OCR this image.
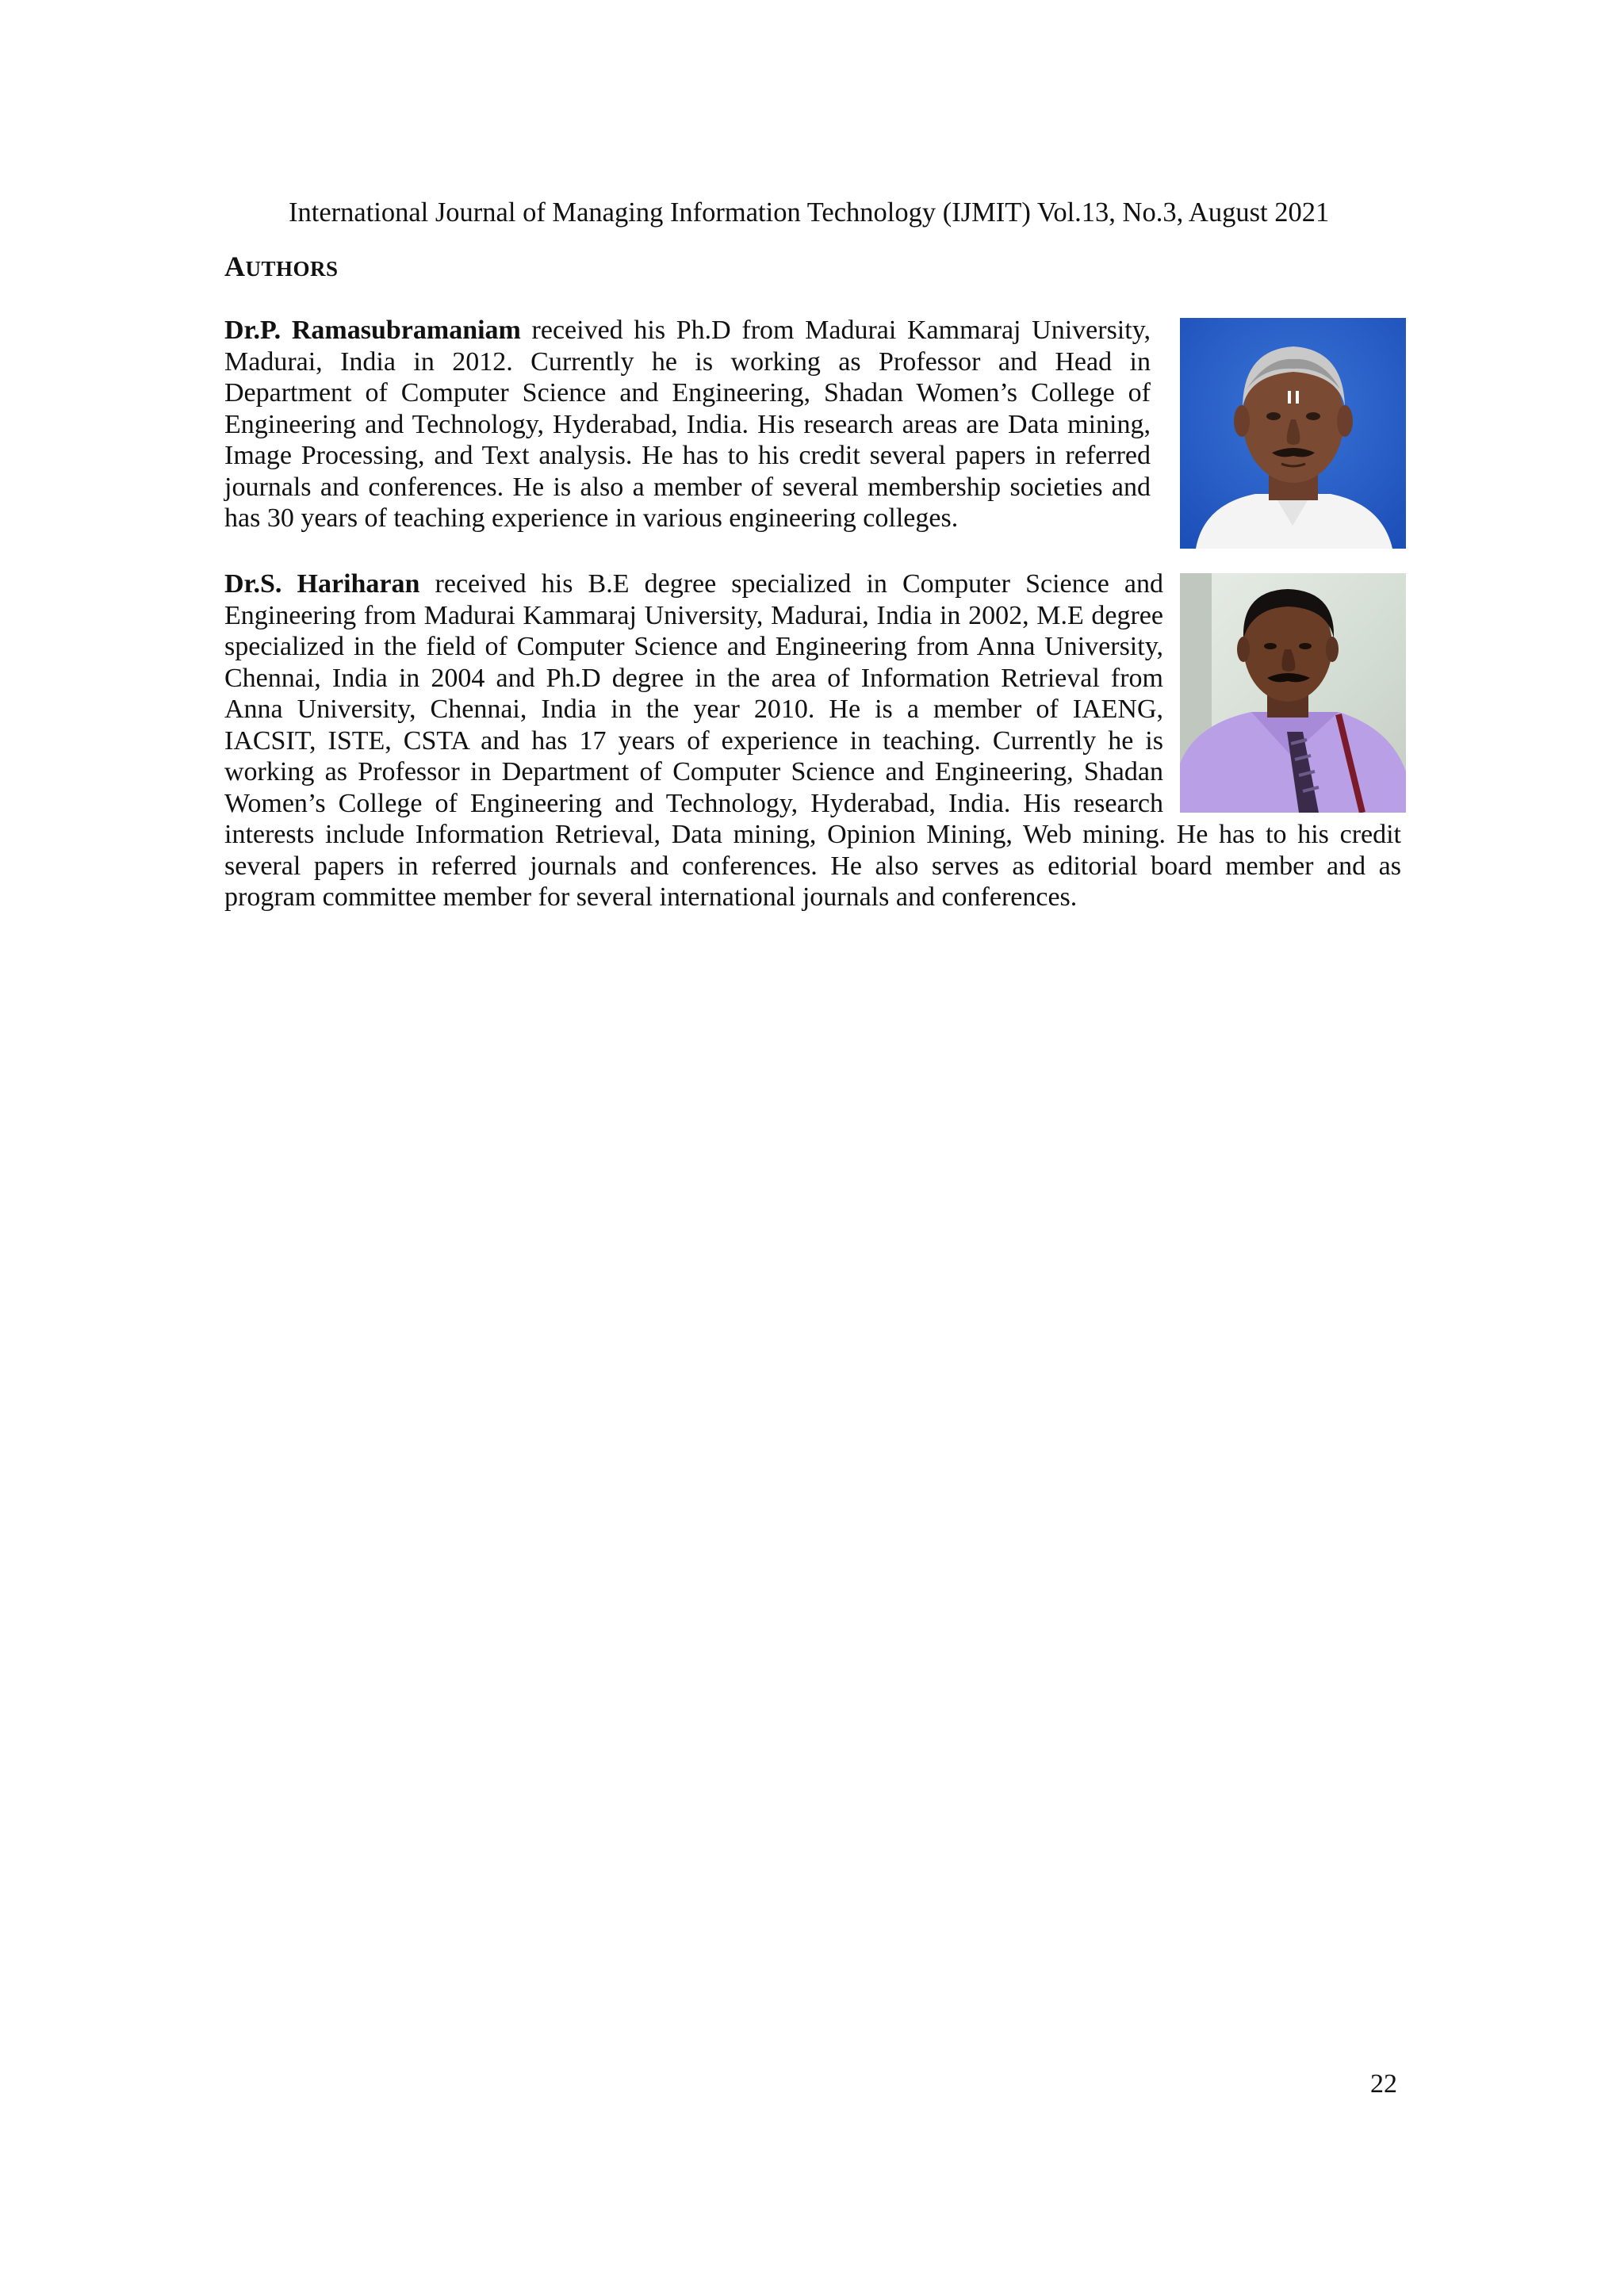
International Journal of Managing Information Technology (IJMIT) Vol.13, No.3, August 2021
AUTHORS

Dr.P. Ramasubramaniam received his Ph.D from Madurai Kammaraj University, Madurai, India in 2012. Currently he is working as Professor and Head in Department of Computer Science and Engineering, Shadan Women’s College of Engineering and Technology, Hyderabad, India. His research areas are Data mining, Image Processing, and Text analysis. He has to his credit several papers in referred journals and conferences. He is also a member of several membership societies and has 30 years of teaching experience in various engineering colleges.

Dr.S. Hariharan received his B.E degree specialized in Computer Science and Engineering from Madurai Kammaraj University, Madurai, India in 2002, M.E degree specialized in the field of Computer Science and Engineering from Anna University, Chennai, India in 2004 and Ph.D degree in the area of Information Retrieval from Anna University, Chennai, India in the year 2010. He is a member of IAENG, IACSIT, ISTE, CSTA and has 17 years of experience in teaching. Currently he is working as Professor in Department of Computer Science and Engineering, Shadan Women’s College of Engineering and Technology, Hyderabad, India. His research interests include Information Retrieval, Data mining, Opinion Mining, Web mining. He has to his credit several papers in referred journals and conferences. He also serves as editorial board member and as program committee member for several international journals and conferences.

22
